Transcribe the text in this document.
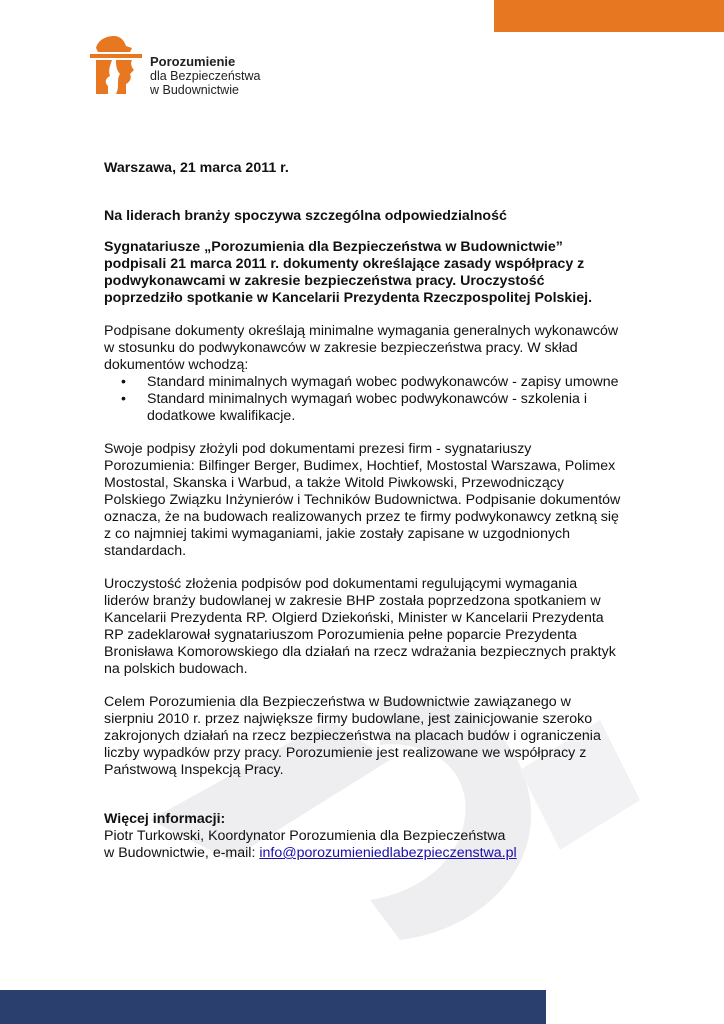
Porozumienie
dla Bezpieczeństwa
w Budownictwie

Warszawa, 21 marca 2011 r.

Na liderach branży spoczywa szczególna odpowiedzialność

Sygnatariusze „Porozumienia dla Bezpieczeństwa w Budownictwie” podpisali 21 marca 2011 r. dokumenty określające zasady współpracy z podwykonawcami w zakresie bezpieczeństwa pracy. Uroczystość poprzedziło spotkanie w Kancelarii Prezydenta Rzeczpospolitej Polskiej.

Podpisane dokumenty określają minimalne wymagania generalnych wykonawców w stosunku do podwykonawców w zakresie bezpieczeństwa pracy. W skład dokumentów wchodzą:

• Standard minimalnych wymagań wobec podwykonawców - zapisy umowne
• Standard minimalnych wymagań wobec podwykonawców - szkolenia i dodatkowe kwalifikacje.

Swoje podpisy złożyli pod dokumentami prezesi firm - sygnatariuszy Porozumienia: Bilfinger Berger, Budimex, Hochtief, Mostostal Warszawa, Polimex Mostostal, Skanska i Warbud, a także Witold Piwkowski, Przewodniczący Polskiego Związku Inżynierów i Techników Budownictwa. Podpisanie dokumentów oznacza, że na budowach realizowanych przez te firmy podwykonawcy zetkną się z co najmniej takimi wymaganiami, jakie zostały zapisane w uzgodnionych standardach.

Uroczystość złożenia podpisów pod dokumentami regulującymi wymagania liderów branży budowlanej w zakresie BHP została poprzedzona spotkaniem w Kancelarii Prezydenta RP. Olgierd Dziekoński, Minister w Kancelarii Prezydenta RP zadeklarował sygnatariuszom Porozumienia pełne poparcie Prezydenta Bronisława Komorowskiego dla działań na rzecz wdrażania bezpiecznych praktyk na polskich budowach.

Celem Porozumienia dla Bezpieczeństwa w Budownictwie zawiązanego w sierpniu 2010 r. przez największe firmy budowlane, jest zainicjowanie szeroko zakrojonych działań na rzecz bezpieczeństwa na placach budów i ograniczenia liczby wypadków przy pracy. Porozumienie jest realizowane we współpracy z Państwową Inspekcją Pracy.

Więcej informacji:

Piotr Turkowski, Koordynator Porozumienia dla Bezpieczeństwa

w Budownictwie, e-mail: info@porozumieniedlabezpieczenstwa.pl
